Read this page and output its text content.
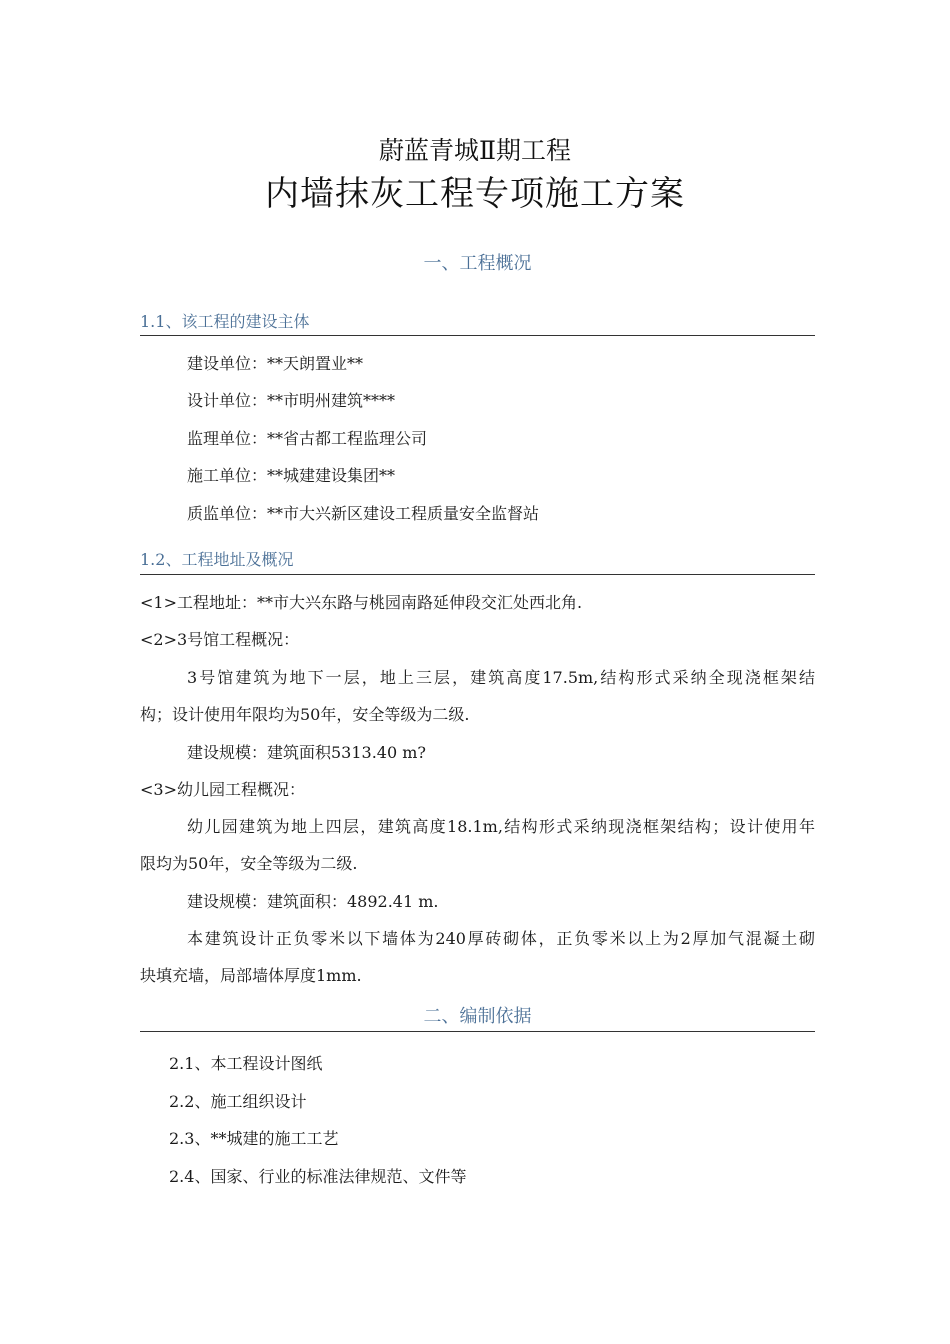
蔚蓝青城Ⅱ期工程
内墙抹灰工程专项施工方案
一、工程概况
1.1、该工程的建设主体
建设单位：**天朗置业**
设计单位：**市明州建筑****
监理单位：**省古都工程监理公司
施工单位：**城建建设集团**
质监单位：**市大兴新区建设工程质量安全监督站
1.2、工程地址及概况
<1>工程地址：**市大兴东路与桃园南路延伸段交汇处西北角.
<2>3号馆工程概况：
3号馆建筑为地下一层，地上三层，建筑高度17.5m,结构形式采纳全现浇框架结
构；设计使用年限均为50年，安全等级为二级.
建设规模：建筑面积5313.40 m?
<3>幼儿园工程概况：
幼儿园建筑为地上四层，建筑高度18.1m,结构形式采纳现浇框架结构；设计使用年
限均为50年，安全等级为二级.
建设规模：建筑面积：4892.41 m.
本建筑设计正负零米以下墙体为240厚砖砌体，正负零米以上为2厚加气混凝土砌
块填充墙，局部墙体厚度1mm.
二、编制依据
2.1、本工程设计图纸
2.2、施工组织设计
2.3、**城建的施工工艺
2.4、国家、行业的标准法律规范、文件等
